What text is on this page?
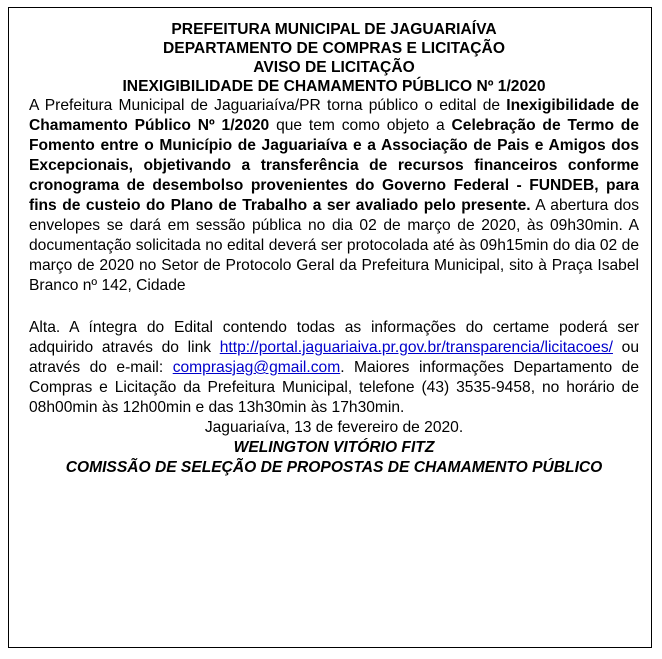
PREFEITURA MUNICIPAL DE JAGUARIAÍVA
DEPARTAMENTO DE COMPRAS E LICITAÇÃO
AVISO DE LICITAÇÃO
INEXIGIBILIDADE DE CHAMAMENTO PÚBLICO Nº 1/2020
A Prefeitura Municipal de Jaguariaíva/PR torna público o edital de Inexigibilidade de Chamamento Público Nº 1/2020 que tem como objeto a Celebração de Termo de Fomento entre o Município de Jaguariaíva e a Associação de Pais e Amigos dos Excepcionais, objetivando a transferência de recursos financeiros conforme cronograma de desembolso provenientes do Governo Federal - FUNDEB, para fins de custeio do Plano de Trabalho a ser avaliado pelo presente. A abertura dos envelopes se dará em sessão pública no dia 02 de março de 2020, às 09h30min. A documentação solicitada no edital deverá ser protocolada até às 09h15min do dia 02 de março de 2020 no Setor de Protocolo Geral da Prefeitura Municipal, sito à Praça Isabel Branco nº 142, Cidade
Alta. A íntegra do Edital contendo todas as informações do certame poderá ser adquirido através do link http://portal.jaguariaiva.pr.gov.br/transparencia/licitacoes/ ou através do e-mail: comprasjag@gmail.com. Maiores informações Departamento de Compras e Licitação da Prefeitura Municipal, telefone (43) 3535-9458, no horário de 08h00min às 12h00min e das 13h30min às 17h30min.
Jaguariaíva, 13 de fevereiro de 2020.
WELINGTON VITÓRIO FITZ
COMISSÃO DE SELEÇÃO DE PROPOSTAS DE CHAMAMENTO PÚBLICO
